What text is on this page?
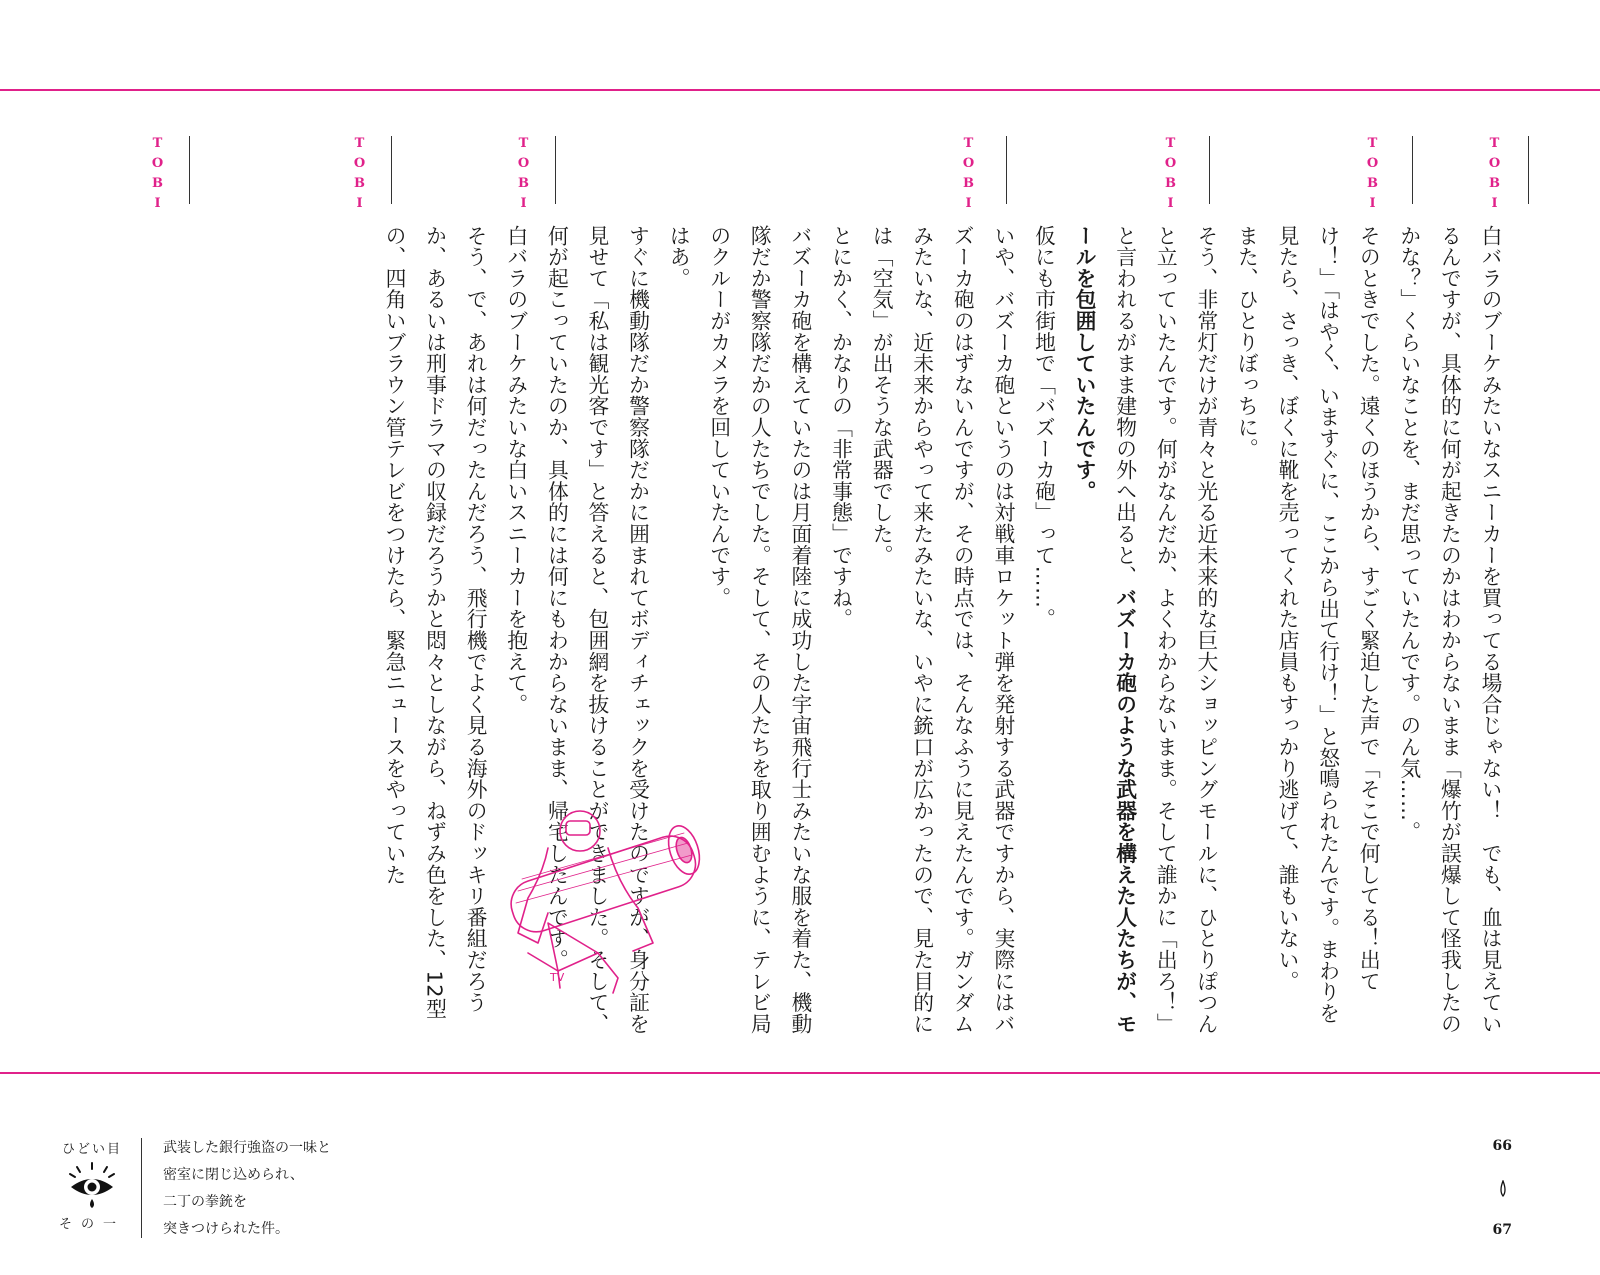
TOBI
TOBI
TOBI
TOBI
TOBI
TOBI
TOBI

白バラのブーケみたいなスニーカーを買ってる場合じゃない！　でも、血は見えているんですが、具体的に何が起きたのかはわからないまま「爆竹が誤爆して怪我したのかな？」くらいなことを、まだ思っていたんです。のん気……。

そのときでした。遠くのほうから、すごく緊迫した声で「そこで何してる！出てけ！」「はやく、いますぐに、ここから出て行け！」と怒鳴られたんです。まわりを見たら、さっき、ぼくに靴を売ってくれた店員もすっかり逃げて、誰もいない。

また、ひとりぼっちに。

そう、非常灯だけが青々と光る近未来的な巨大ショッピングモールに、ひとりぽつんと立っていたんです。何がなんだか、よくわからないまま。そして誰かに「出ろ！」と言われるがまま建物の外へ出ると、バズーカ砲のような武器を構えた人たちが、モールを包囲していたんです。

仮にも市街地で「バズーカ砲」って……。

いや、バズーカ砲というのは対戦車ロケット弾を発射する武器ですから、実際にはバズーカ砲のはずないんですが、その時点では、そんなふうに見えたんです。ガンダムみたいな、近未来からやって来たみたいな、いやに銃口が広かったので、見た目的には「空気」が出そうな武器でした。

とにかく、かなりの「非常事態」ですね。

バズーカ砲を構えていたのは月面着陸に成功した宇宙飛行士みたいな服を着た、機動隊だか警察隊だかの人たちでした。そして、その人たちを取り囲むように、テレビ局のクルーがカメラを回していたんです。

はあ。

すぐに機動隊だか警察隊だかに囲まれてボディチェックを受けたのですが、身分証を見せて「私は観光客です」と答えると、包囲網を抜けることができました。そして、何が起こっていたのか、具体的には何にもわからないまま、帰宅したんです。

白バラのブーケみたいな白いスニーカーを抱えて。

そう、で、あれは何だったんだろう、飛行機でよく見る海外のドッキリ番組だろうか、あるいは刑事ドラマの収録だろうかと悶々としながら、ねずみ色をした、12型の、四角いブラウン管テレビをつけたら、緊急ニュースをやっていた

TV
ひどい目
その一
武装した銀行強盗の一味と
密室に閉じ込められ、
二丁の拳銃を
突きつけられた件。
66
67
